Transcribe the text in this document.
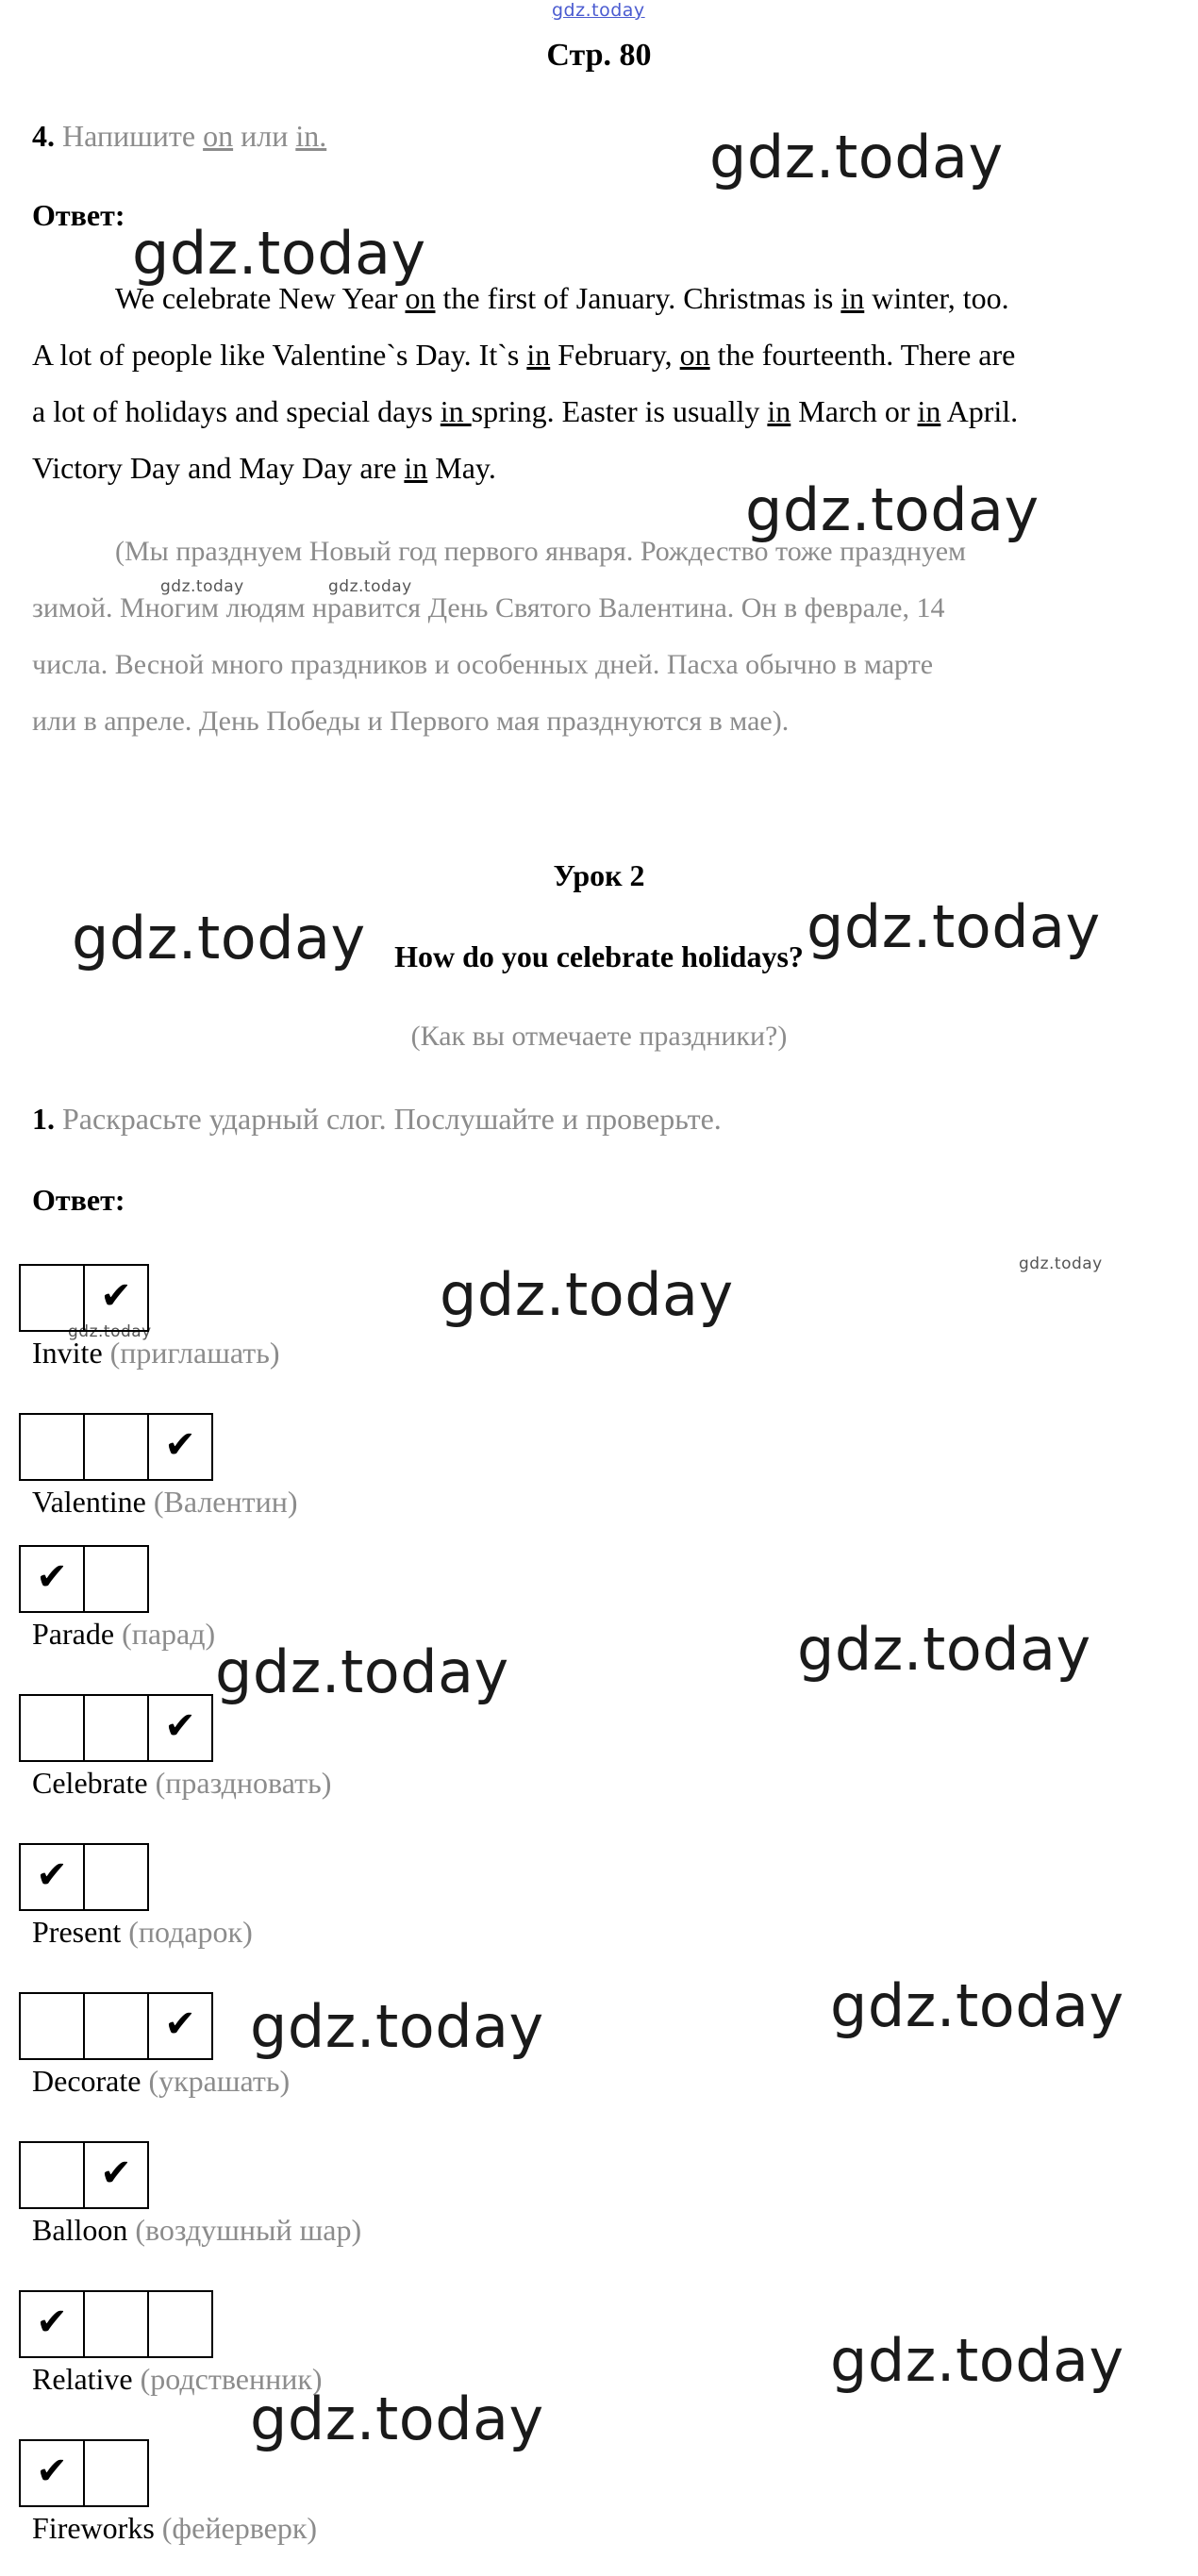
gdz.today
gdz.today
gdz.today
gdz.today
gdz.today	gdz.today
gdz.today	gdz.today
gdz.today	gdz.today
gdz.today
gdz.today	gdz.today
gdz.today	gdz.today
gdz.today
gdz.today
Стр. 80
4. Напишите on или in.
Ответ:

We celebrate New Year on the first of January. Christmas is in winter, too.

A lot of people like Valentine`s Day. It`s in February, on the fourteenth. There are

a lot of holidays and special days in spring. Easter is usually in March or in April.

Victory Day and May Day are in May.

(Мы празднуем Новый год первого января. Рождество тоже празднуем

зимой. Многим людям нравится День Святого Валентина. Он в феврале, 14

числа. Весной много праздников и особенных дней. Пасха обычно в марте

или в апреле. День Победы и Первого мая празднуются в мае).

Урок 2
How do you celebrate holidays?
(Как вы отмечаете праздники?)
1. Раскрасьте ударный слог. Послушайте и проверьте.
Ответ:
✔
Invite (приглашать)
✔
Valentine (Валентин)
✔
Parade (парад)
✔
Celebrate (праздновать)
✔
Present (подарок)
✔
Decorate (украшать)
✔
Balloon (воздушный шар)
✔
Relative (родственник)
✔
Fireworks (фейерверк)
